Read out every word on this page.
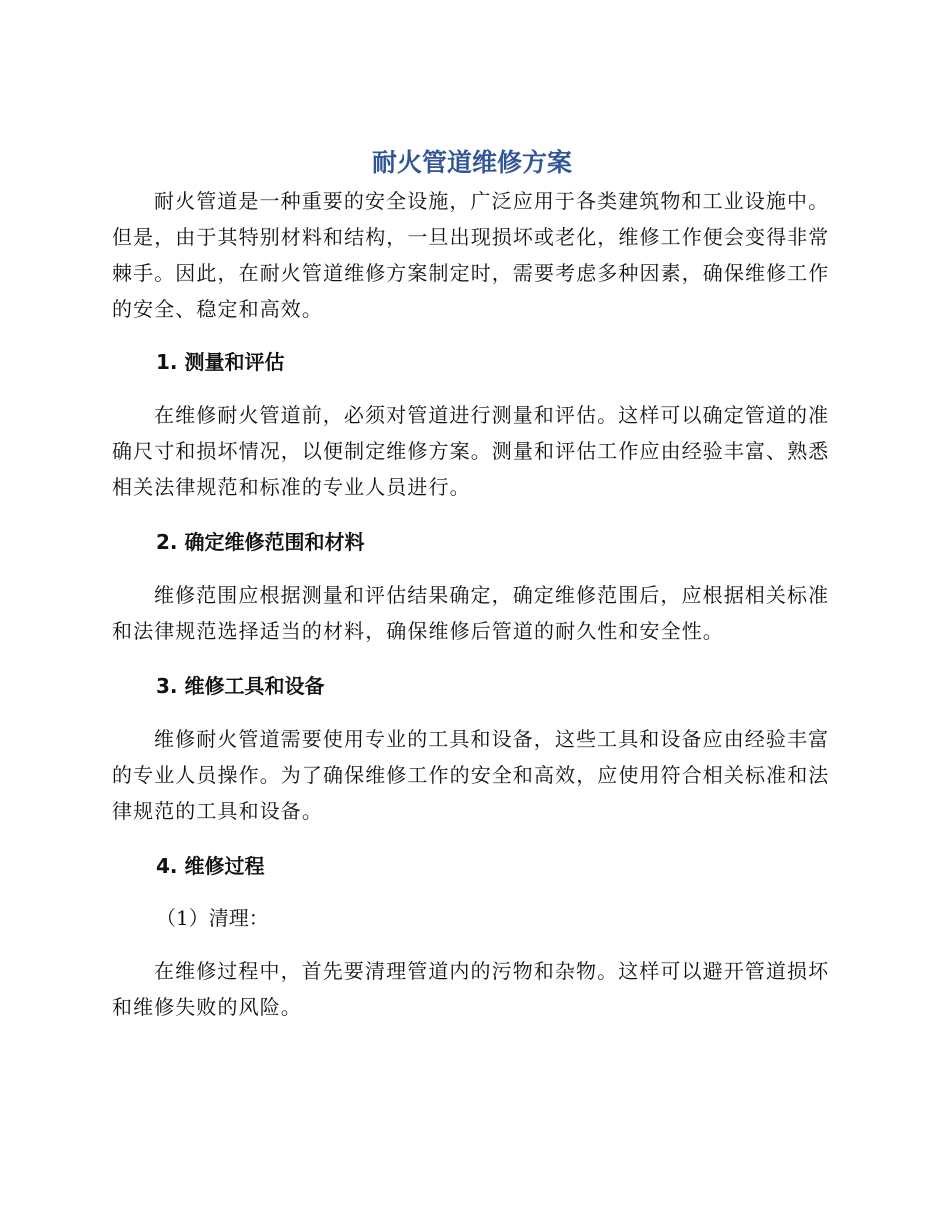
耐火管道维修方案

耐火管道是一种重要的安全设施，广泛应用于各类建筑物和工业设施中。但是，由于其特别材料和结构，一旦出现损坏或老化，维修工作便会变得非常棘手。因此，在耐火管道维修方案制定时，需要考虑多种因素，确保维修工作的安全、稳定和高效。

1. 测量和评估

在维修耐火管道前，必须对管道进行测量和评估。这样可以确定管道的准确尺寸和损坏情况，以便制定维修方案。测量和评估工作应由经验丰富、熟悉相关法律规范和标准的专业人员进行。

2. 确定维修范围和材料

维修范围应根据测量和评估结果确定，确定维修范围后，应根据相关标准和法律规范选择适当的材料，确保维修后管道的耐久性和安全性。

3. 维修工具和设备

维修耐火管道需要使用专业的工具和设备，这些工具和设备应由经验丰富的专业人员操作。为了确保维修工作的安全和高效，应使用符合相关标准和法律规范的工具和设备。

4. 维修过程

（1）清理：

在维修过程中，首先要清理管道内的污物和杂物。这样可以避开管道损坏和维修失败的风险。
